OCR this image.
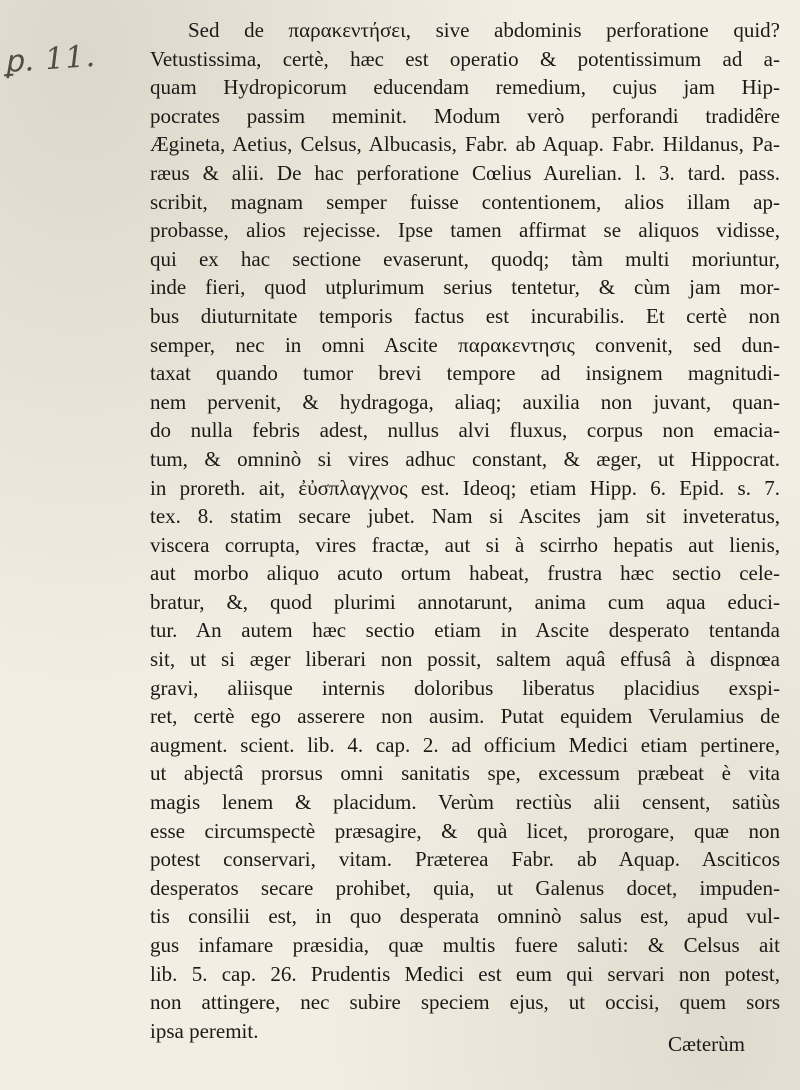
ꝑ. 11.
Sed de παρακεντήσει, sive abdominis perforatione quid?
Vetustissima, certè, hæc est operatio & potentissimum ad a-
quam Hydropicorum educendam remedium, cujus jam Hip-
pocrates passim meminit. Modum verò perforandi tradidêre
Ægineta, Aetius, Celsus, Albucasis, Fabr. ab Aquap. Fabr. Hildanus, Pa-
ræus & alii. De hac perforatione Cœlius Aurelian. l. 3. tard. pass.
scribit, magnam semper fuisse contentionem, alios illam ap-
probasse, alios rejecisse. Ipse tamen affirmat se aliquos vidisse,
qui ex hac sectione evaserunt, quodq; tàm multi moriuntur,
inde fieri, quod utplurimum serius tentetur, & cùm jam mor-
bus diuturnitate temporis factus est incurabilis. Et certè non
semper, nec in omni Ascite παρακεντησις convenit, sed dun-
taxat quando tumor brevi tempore ad insignem magnitudi-
nem pervenit, & hydragoga, aliaq; auxilia non juvant, quan-
do nulla febris adest, nullus alvi fluxus, corpus non emacia-
tum, & omninò si vires adhuc constant, & æger, ut Hippocrat.
in proreth. ait, ἐὐσπλαγχνος est. Ideoq; etiam Hipp. 6. Epid. s. 7.
tex. 8. statim secare jubet. Nam si Ascites jam sit inveteratus,
viscera corrupta, vires fractæ, aut si à scirrho hepatis aut lienis,
aut morbo aliquo acuto ortum habeat, frustra hæc sectio cele-
bratur, &, quod plurimi annotarunt, anima cum aqua educi-
tur. An autem hæc sectio etiam in Ascite desperato tentanda
sit, ut si æger liberari non possit, saltem aquâ effusâ à dispnœa
gravi, aliisque internis doloribus liberatus placidius exspi-
ret, certè ego asserere non ausim. Putat equidem Verulamius de
augment. scient. lib. 4. cap. 2. ad officium Medici etiam pertinere,
ut abjectâ prorsus omni sanitatis spe, excessum præbeat è vita
magis lenem & placidum. Verùm rectiùs alii censent, satiùs
esse circumspectè præsagire, & quà licet, prorogare, quæ non
potest conservari, vitam. Præterea Fabr. ab Aquap. Asciticos
desperatos secare prohibet, quia, ut Galenus docet, impuden-
tis consilii est, in quo desperata omninò salus est, apud vul-
gus infamare præsidia, quæ multis fuere saluti: & Celsus ait
lib. 5. cap. 26. Prudentis Medici est eum qui servari non potest,
non attingere, nec subire speciem ejus, ut occisi, quem sors
ipsa peremit.
Cæterùm
